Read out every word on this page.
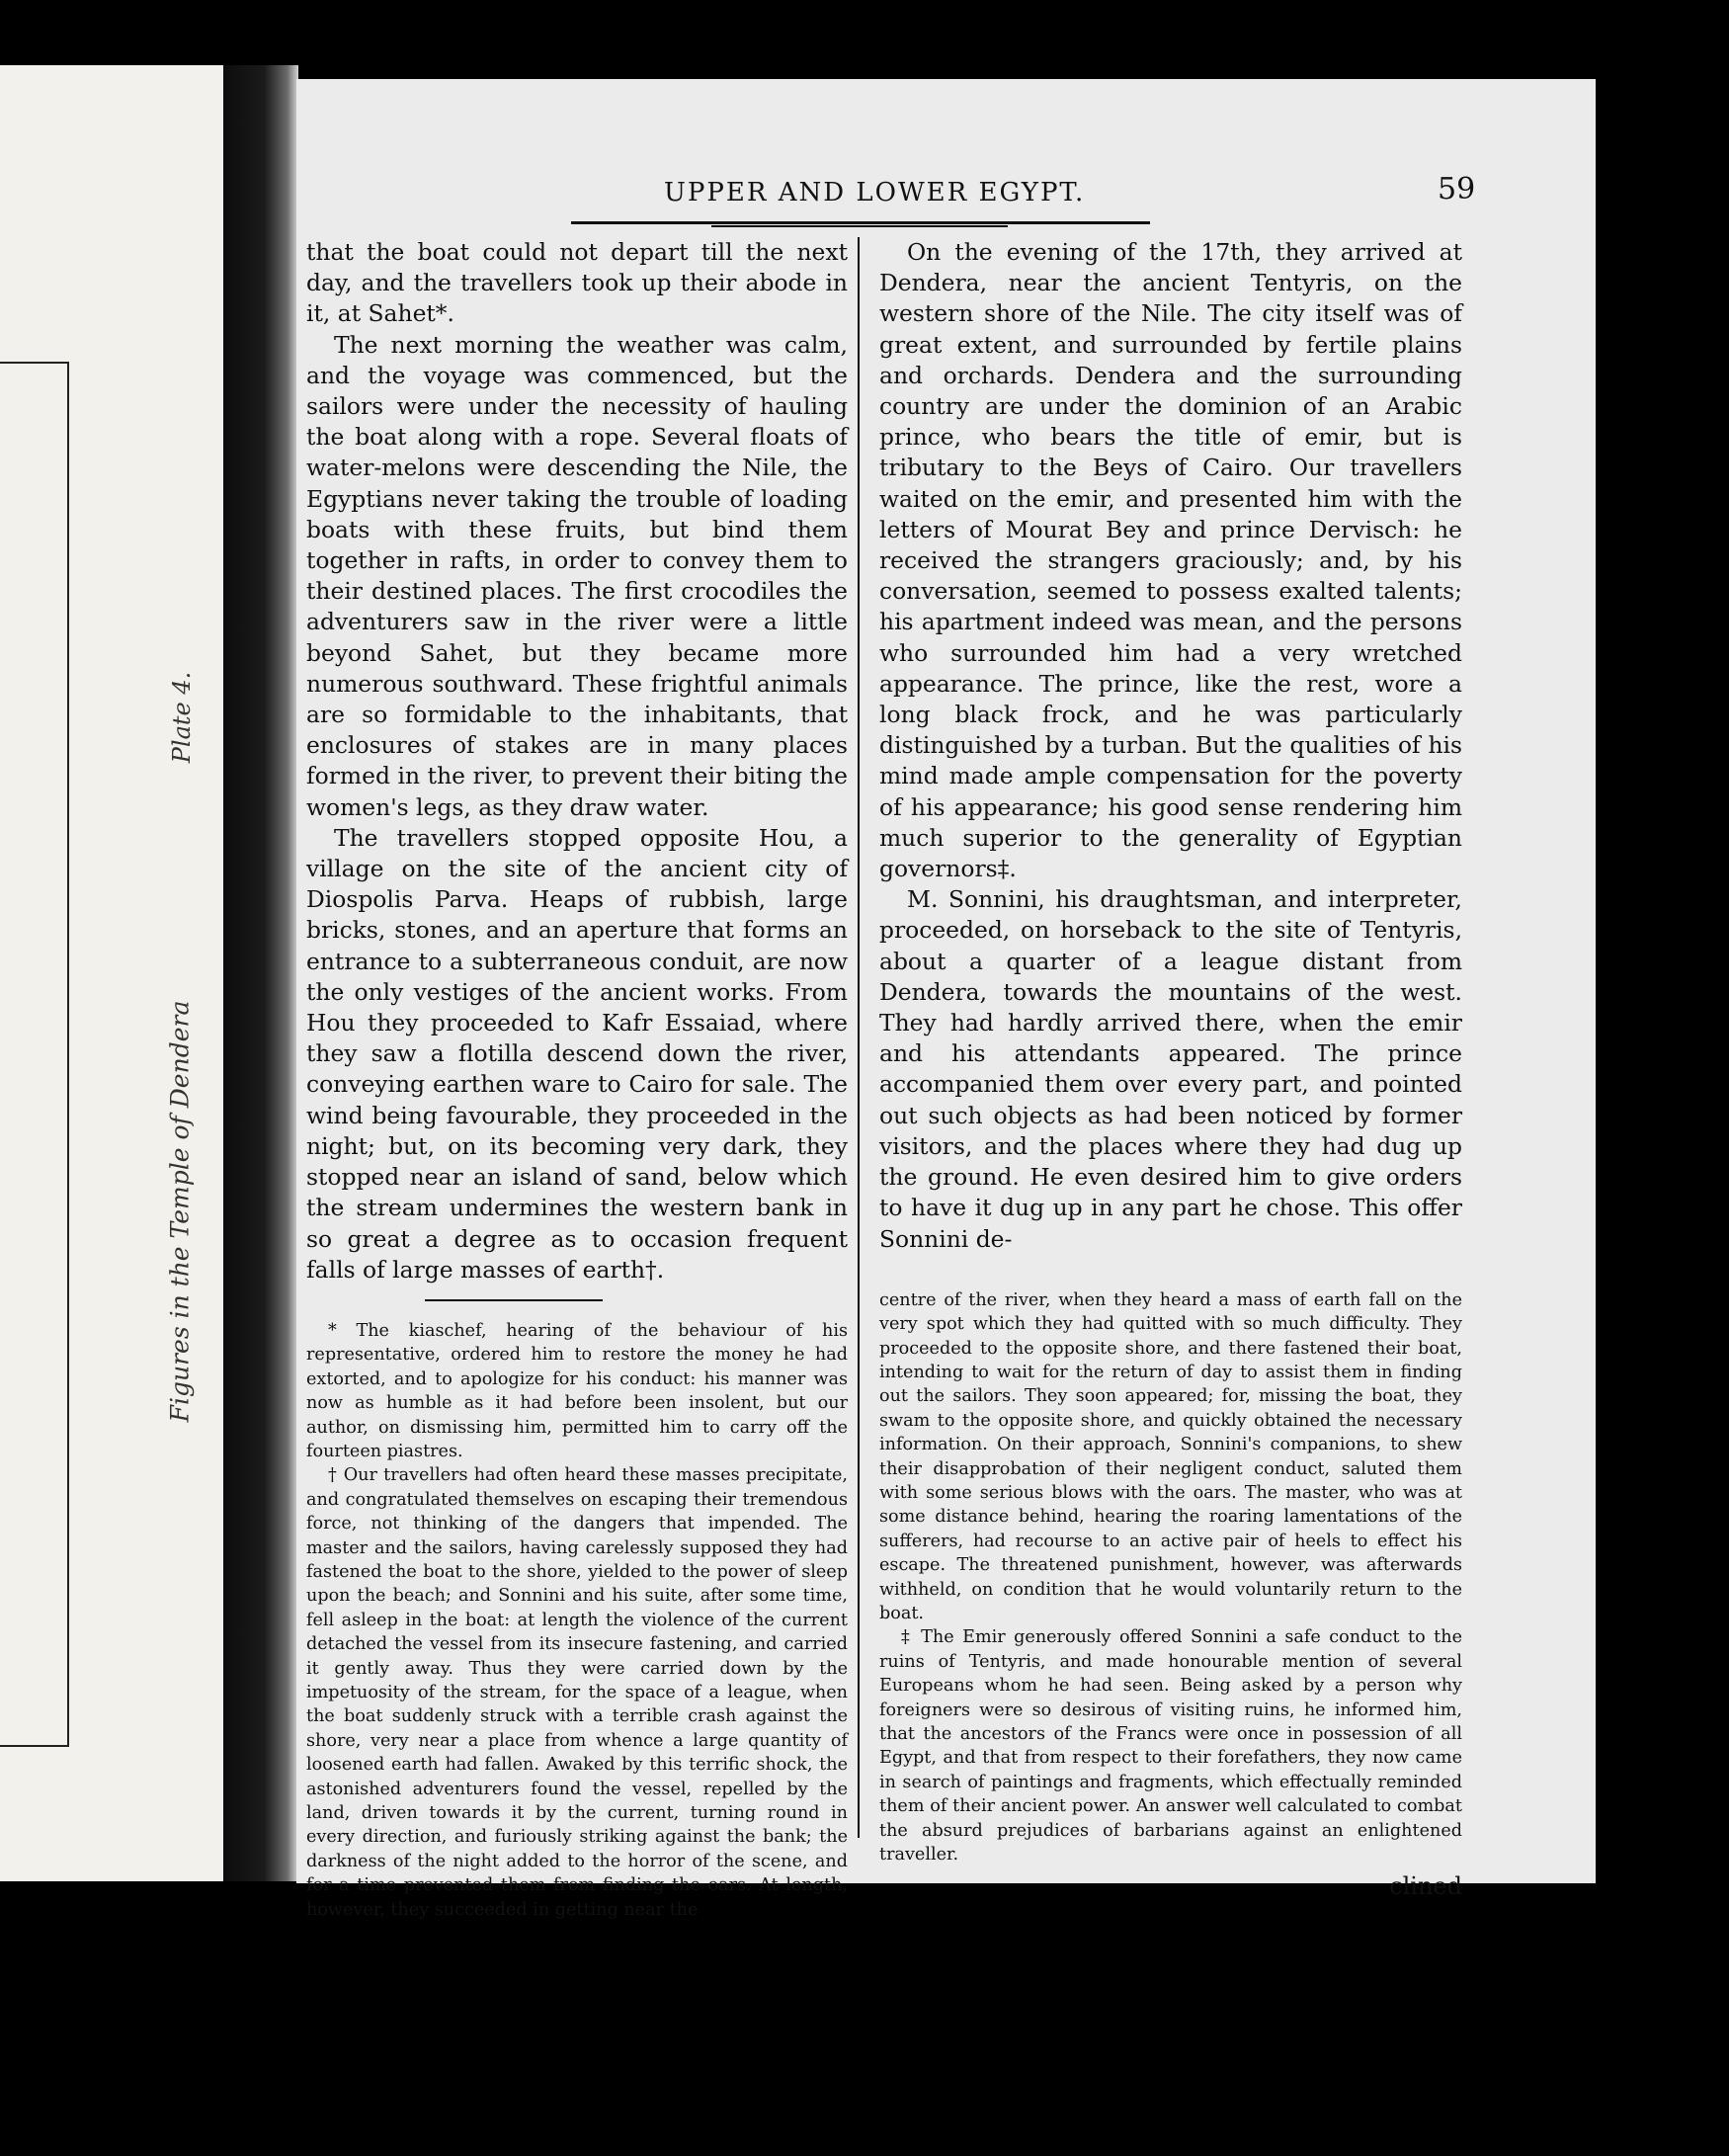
Plate 4.
Figures in the Temple of Dendera
UPPER AND LOWER EGYPT.	59

that the boat could not depart till the next day, and the travellers took up their abode in it, at Sahet*.

The next morning the weather was calm, and the voyage was commenced, but the sailors were under the necessity of hauling the boat along with a rope. Several floats of water-melons were descending the Nile, the Egyptians never taking the trouble of loading boats with these fruits, but bind them together in rafts, in order to convey them to their destined places. The first crocodiles the adventurers saw in the river were a little beyond Sahet, but they became more numerous southward. These frightful animals are so formidable to the inhabitants, that enclosures of stakes are in many places formed in the river, to prevent their biting the women's legs, as they draw water.

The travellers stopped opposite Hou, a village on the site of the ancient city of Diospolis Parva. Heaps of rubbish, large bricks, stones, and an aperture that forms an entrance to a subterraneous conduit, are now the only vestiges of the ancient works. From Hou they proceeded to Kafr Essaiad, where they saw a flotilla descend down the river, conveying earthen ware to Cairo for sale. The wind being favourable, they proceeded in the night; but, on its becoming very dark, they stopped near an island of sand, below which the stream undermines the western bank in so great a degree as to occasion frequent falls of large masses of earth†.

* The kiaschef, hearing of the behaviour of his representative, ordered him to restore the money he had extorted, and to apologize for his conduct: his manner was now as humble as it had before been insolent, but our author, on dismissing him, permitted him to carry off the fourteen piastres.

† Our travellers had often heard these masses precipitate, and congratulated themselves on escaping their tremendous force, not thinking of the dangers that impended. The master and the sailors, having carelessly supposed they had fastened the boat to the shore, yielded to the power of sleep upon the beach; and Sonnini and his suite, after some time, fell asleep in the boat: at length the violence of the current detached the vessel from its insecure fastening, and carried it gently away. Thus they were carried down by the impetuosity of the stream, for the space of a league, when the boat suddenly struck with a terrible crash against the shore, very near a place from whence a large quantity of loosened earth had fallen. Awaked by this terrific shock, the astonished adventurers found the vessel, repelled by the land, driven towards it by the current, turning round in every direction, and furiously striking against the bank; the darkness of the night added to the horror of the scene, and for a time prevented them from finding the oars. At length, however, they succeeded in getting near the

On the evening of the 17th, they arrived at Dendera, near the ancient Tentyris, on the western shore of the Nile. The city itself was of great extent, and surrounded by fertile plains and orchards. Dendera and the surrounding country are under the dominion of an Arabic prince, who bears the title of emir, but is tributary to the Beys of Cairo. Our travellers waited on the emir, and presented him with the letters of Mourat Bey and prince Dervisch: he received the strangers graciously; and, by his conversation, seemed to possess exalted talents; his apartment indeed was mean, and the persons who surrounded him had a very wretched appearance. The prince, like the rest, wore a long black frock, and he was particularly distinguished by a turban. But the qualities of his mind made ample compensation for the poverty of his appearance; his good sense rendering him much superior to the generality of Egyptian governors‡.

M. Sonnini, his draughtsman, and interpreter, proceeded, on horseback to the site of Tentyris, about a quarter of a league distant from Dendera, towards the mountains of the west. They had hardly arrived there, when the emir and his attendants appeared. The prince accompanied them over every part, and pointed out such objects as had been noticed by former visitors, and the places where they had dug up the ground. He even desired him to give orders to have it dug up in any part he chose. This offer Sonnini de-

centre of the river, when they heard a mass of earth fall on the very spot which they had quitted with so much difficulty. They proceeded to the opposite shore, and there fastened their boat, intending to wait for the return of day to assist them in finding out the sailors. They soon appeared; for, missing the boat, they swam to the opposite shore, and quickly obtained the necessary information. On their approach, Sonnini's companions, to shew their disapprobation of their negligent conduct, saluted them with some serious blows with the oars. The master, who was at some distance behind, hearing the roaring lamentations of the sufferers, had recourse to an active pair of heels to effect his escape. The threatened punishment, however, was afterwards withheld, on condition that he would voluntarily return to the boat.

‡ The Emir generously offered Sonnini a safe conduct to the ruins of Tentyris, and made honourable mention of several Europeans whom he had seen. Being asked by a person why foreigners were so desirous of visiting ruins, he informed him, that the ancestors of the Francs were once in possession of all Egypt, and that from respect to their forefathers, they now came in search of paintings and fragments, which effectually reminded them of their ancient power. An answer well calculated to combat the absurd prejudices of barbarians against an enlightened traveller.

clined
